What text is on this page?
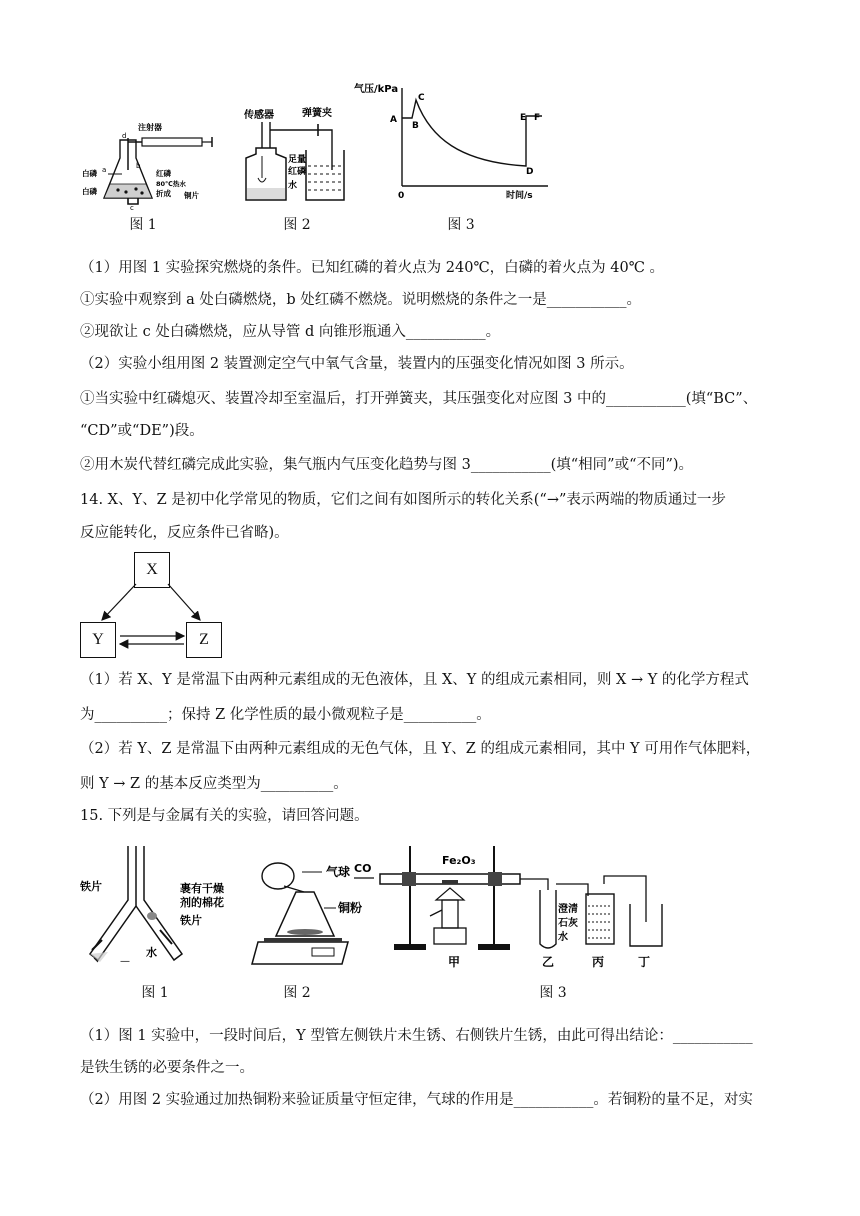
注射器
d
a	b
c
白磷	红磷
80℃热水
折成 铜片
白磷
图 1
传感器	弹簧夹
足量
红磷
水
图 2
气压/kPa
A
B
C
D
E F
0	时间/s
图 3
（1）用图 1 实验探究燃烧的条件。已知红磷的着火点为 240℃，白磷的着火点为 40℃ 。
①实验中观察到 a 处白磷燃烧，b 处红磷不燃烧。说明燃烧的条件之一是___________。
②现欲让 c 处白磷燃烧，应从导管 d 向锥形瓶通入___________。
（2）实验小组用图 2 装置测定空气中氧气含量，装置内的压强变化情况如图 3 所示。
①当实验中红磷熄灭、装置冷却至室温后，打开弹簧夹，其压强变化对应图 3 中的___________(填“BC”、
“CD”或“DE”)段。
②用木炭代替红磷完成此实验，集气瓶内气压变化趋势与图 3___________(填“相同”或“不同”)。
14. X、Y、Z 是初中化学常见的物质，它们之间有如图所示的转化关系(“→”表示两端的物质通过一步
反应能转化，反应条件已省略)。
X
Y	Z
（1）若 X、Y 是常温下由两种元素组成的无色液体，且 X、Y 的组成元素相同，则 X → Y 的化学方程式
为__________；保持 Z 化学性质的最小微观粒子是__________。
（2）若 Y、Z 是常温下由两种元素组成的无色气体，且 Y、Z 的组成元素相同，其中 Y 可用作气体肥料，
则 Y → Z 的基本反应类型为__________。
15. 下列是与金属有关的实验，请回答问题。
铁片	裹有干燥
剂的棉花
铁片
水
—
图 1
气球
铜粉
图 2
CO
Fe₂O₃
澄清
石灰
水
甲	乙	丙	丁
图 3
（1）图 1 实验中，一段时间后，Y 型管左侧铁片未生锈、右侧铁片生锈，由此可得出结论：___________
是铁生锈的必要条件之一。
（2）用图 2 实验通过加热铜粉来验证质量守恒定律，气球的作用是___________。若铜粉的量不足，对实
